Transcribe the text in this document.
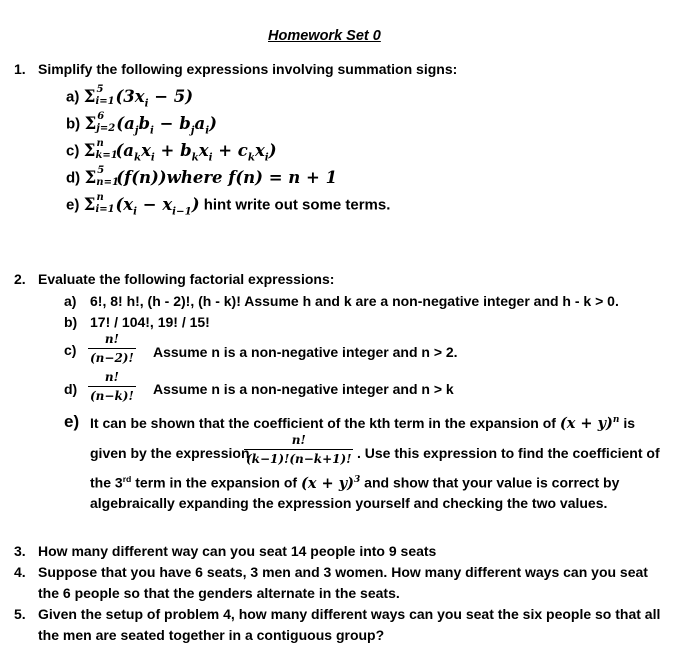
Homework Set 0
1. Simplify the following expressions involving summation signs:
a) Σ 5
i=1 $(3x_i - 5)$
b) Σ 6
j=2 $(a_jb_i - b_ja_i)$
c) Σ n
k=1
$(a_kx_i + b_kx_i + c_kx_i)$
d) Σ 5
n=1
(f(n))where f(n) = n + 1
e) Σ n
i=1 $(x_i - x_{i-1})$ hint write out some terms.
2. Evaluate the following factorial expressions:
a) 6!, 8! h!, (h - 2)!, (h - k)! Assume h and k are a non-negative integer and h - k > 0.
b) 17! / 104!, 19! / 15!
$c) \frac{n!}{(n-2)!}$ Assume n is a non-negative integer and n > 2.
$d) \frac{n!}{(n-k)!}$ Assume n is a non-negative integer and n > k
e) It can be shown that the coefficient of the kth term in the expansion of $(x + y)^n$ is
given by the expression
$\frac{n!}{(k-1)!(n-k+1)!}$ . Use this expression to find the coefficient of
the 3rd term in the expansion of $(x + y)^3$ and show that your value is correct by
algebraically expanding the expression yourself and checking the two values.
3. How many different way can you seat 14 people into 9 seats
4. Suppose that you have 6 seats, 3 men and 3 women. How many different ways can you seat
the 6 people so that the genders alternate in the seats.
5. Given the setup of problem 4, how many different ways can you seat the six people so that all
the men are seated together in a contiguous group?
